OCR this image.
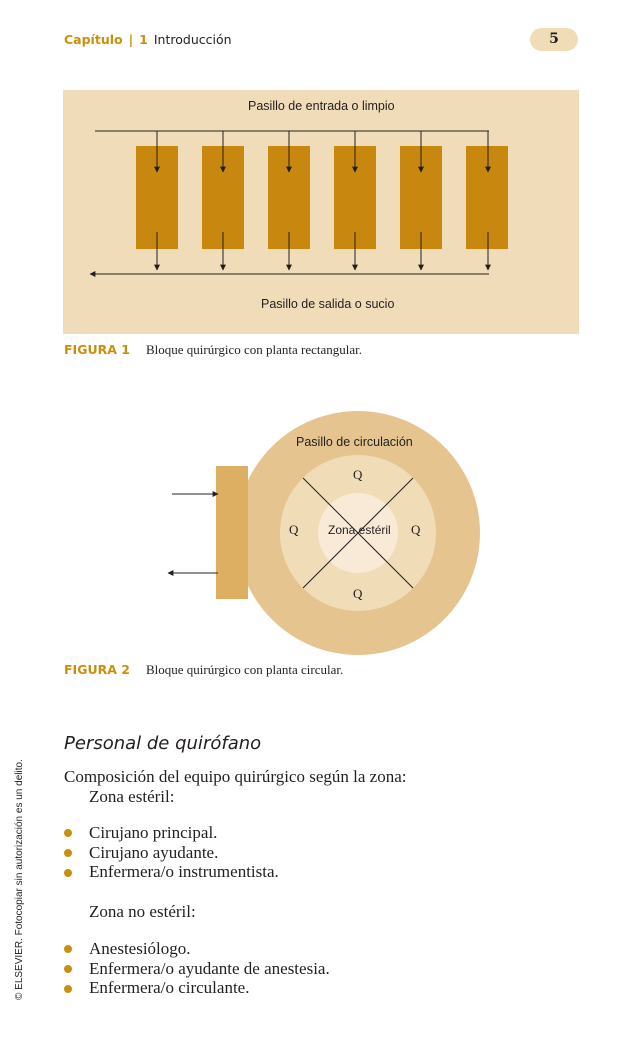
Capítulo | 1 Introducción	5
Pasillo de entrada o limpio
Pasillo de salida o sucio
FIGURA 1 Bloque quirúrgico con planta rectangular.
Pasillo de circulación
Q
Q	Q
Q
Zona estéril
FIGURA 2 Bloque quirúrgico con planta circular.
Personal de quirófano
Composición del equipo quirúrgico según la zona:
Zona estéril:
Cirujano principal.
Cirujano ayudante.
Enfermera/o instrumentista.
Zona no estéril:
Anestesiólogo.
Enfermera/o ayudante de anestesia.
Enfermera/o circulante.
© ELSEVIER. Fotocopiar sin autorización es un delito.
